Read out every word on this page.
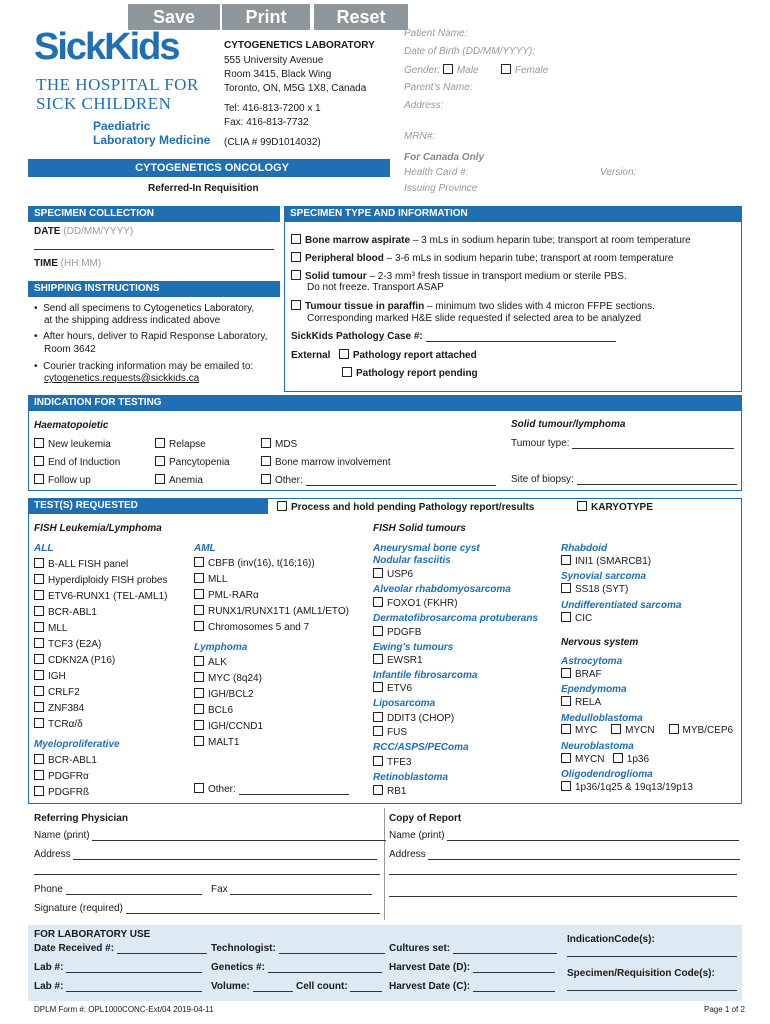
Save	Print	Reset
SickKids
THE HOSPITAL FOR
SICK CHILDREN
Paediatric
Laboratory Medicine
CYTOGENETICS LABORATORY
555 University Avenue
Room 3415, Black Wing
Toronto, ON, M5G 1X8, Canada
Tel: 416-813-7200 x 1
Fax: 416-813-7732
(CLIA # 99D1014032)
Patient Name:
Date of Birth (DD/MM/YYYY):
Gender: Male	Female
Parent's Name:
Address:
MRN#:
For Canada Only
Health Card #:	Version:
Issuing Province
CYTOGENETICS ONCOLOGY
Referred-In Requisition
SPECIMEN COLLECTION
DATE (DD/MM/YYYY)
TIME (HH:MM)
SHIPPING INSTRUCTIONS
•  Send all specimens to Cytogenetics Laboratory,
at the shipping address indicated above
•  After hours, deliver to Rapid Response Laboratory,
Room 3642
•  Courier tracking information may be emailed to:
cytogenetics.requests@sickkids.ca
SPECIMEN TYPE AND INFORMATION
Bone marrow aspirate – 3 mLs in sodium heparin tube; transport at room temperature
Peripheral blood – 3-6 mLs in sodium heparin tube; transport at room temperature
Solid tumour – 2-3 mm³ fresh tissue in transport medium or sterile PBS.
Do not freeze. Transport ASAP
Tumour tissue in paraffin – minimum two slides with 4 micron FFPE sections.
Corresponding marked H&E slide requested if selected area to be analyzed
SickKids Pathology Case #:
External Pathology report attached
Pathology report pending
INDICATION FOR TESTING
Haematopoietic	Solid tumour/lymphoma
New leukemia	Relapse	MDS	Tumour type:
End of Induction	Pancytopenia	Bone marrow involvement
Follow up	Anemia	Other:	Site of biopsy:
TEST(S) REQUESTED	Process and hold pending Pathology report/results	KARYOTYPE
FISH Leukemia/Lymphoma	FISH Solid tumours
ALL
B-ALL FISH panel
Hyperdiploidy FISH probes
ETV6-RUNX1 (TEL-AML1)
BCR-ABL1
MLL
TCF3 (E2A)
CDKN2A (P16)
IGH
CRLF2
ZNF384
TCRα/δ
Myeloproliferative
BCR-ABL1
PDGFRα
PDGFRß
AML
CBFB (inv(16), t(16;16))
MLL
PML-RARα
RUNX1/RUNX1T1 (AML1/ETO)
Chromosomes 5 and 7
Lymphoma
ALK
MYC (8q24)
IGH/BCL2
BCL6
IGH/CCND1
MALT1
Other:
Aneurysmal bone cyst
Nodular fasciitis
USP6
Alveolar rhabdomyosarcoma
FOXO1 (FKHR)
Dermatofibrosarcoma protuberans
PDGFB
Ewing's tumours
EWSR1
Infantile fibrosarcoma
ETV6
Liposarcoma
DDIT3 (CHOP)
FUS
RCC/ASPS/PEComa
TFE3
Retinoblastoma
RB1
Rhabdoid
INI1 (SMARCB1)
Synovial sarcoma
SS18 (SYT)
Undifferentiated sarcoma
CIC
Nervous system
Astrocytoma
BRAF
Ependymoma
RELA
Medulloblastoma
MYC	MYCN	MYB/CEP6
Neuroblastoma
MYCN 1p36
Oligodendroglioma
1p36/1q25 & 19q13/19p13
Referring Physician
Name (print)
Address
Phone	Fax
Signature (required)
Copy of Report
Name (print)
Address
FOR LABORATORY USE
Date Received #:	Technologist:	Cultures set:
IndicationCode(s):
Lab #:	Genetics #:	Harvest Date (D):
Specimen/Requisition Code(s):
Lab #:	Volume:	Cell count:	Harvest Date (C):
DPLM Form #: OPL1000CONC-Ext/04 2019-04-11	Page 1 of 2
